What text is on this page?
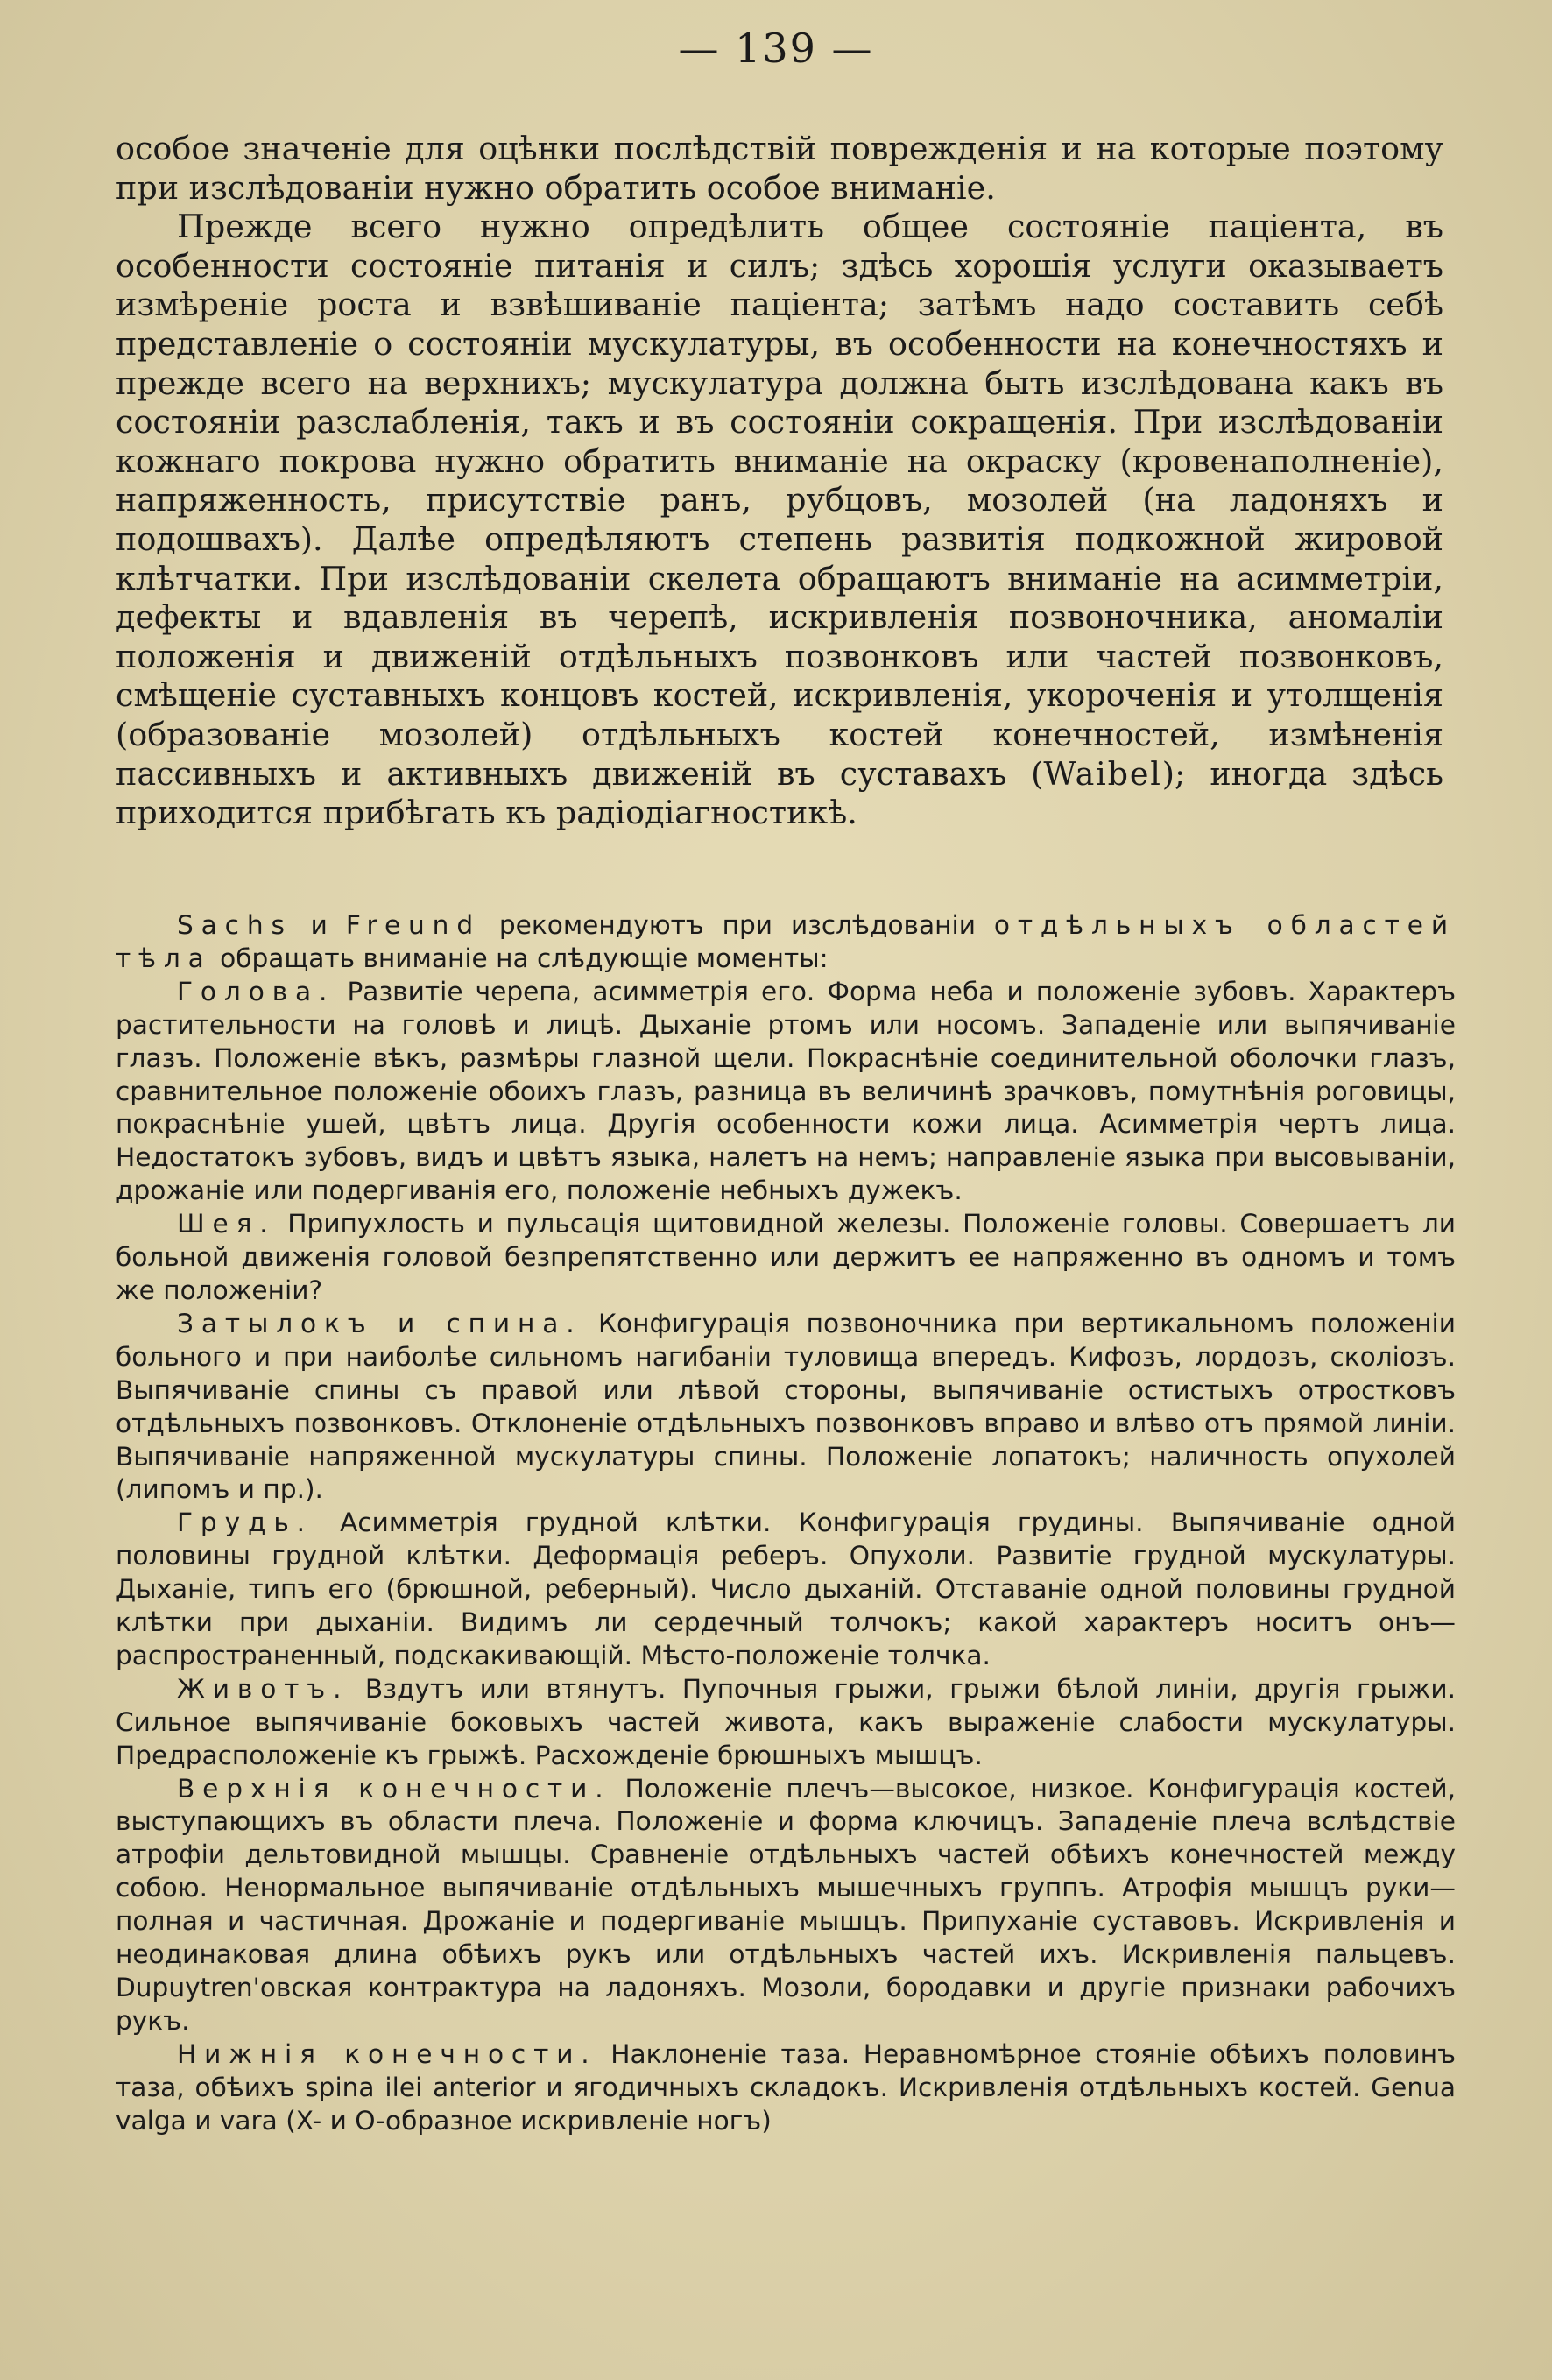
— 139 —

особое значеніе для оцѣнки послѣдствій поврежденія и на которые поэтому при изслѣдованіи нужно обратить особое вниманіе.

Прежде всего нужно опредѣлить общее состояніе паціента, въ особенности состояніе питанія и силъ; здѣсь хорошія услуги оказываетъ измѣреніе роста и взвѣшиваніе паціента; затѣмъ надо составить себѣ представленіе о состояніи мускулатуры, въ особенности на конечностяхъ и прежде всего на верхнихъ; мускулатура должна быть изслѣдована какъ въ состояніи разслабленія, такъ и въ состояніи сокращенія. При изслѣдованіи кожнаго покрова нужно обратить вниманіе на окраску (кровенаполненіе), напряженность, присутствіе ранъ, рубцовъ, мозолей (на ладоняхъ и подошвахъ). Далѣе опредѣляютъ степень развитія подкожной жировой клѣтчатки. При изслѣдованіи скелета обращаютъ вниманіе на асимметріи, дефекты и вдавленія въ черепѣ, искривленія позвоночника, аномаліи положенія и движеній отдѣльныхъ позвонковъ или частей позвонковъ, смѣщеніе суставныхъ концовъ костей, искривленія, укороченія и утолщенія (образованіе мозолей) отдѣльныхъ костей конечностей, измѣненія пассивныхъ и активныхъ движеній въ суставахъ (Waibel); иногда здѣсь приходится прибѣгать къ радіодіагностикѣ.

Sachs и Freund рекомендуютъ при изслѣдованіи отдѣльныхъ областей тѣла обращать вниманіе на слѣдующіе моменты:

Голова. Развитіе черепа, асимметрія его. Форма неба и положеніе зубовъ. Характеръ растительности на головѣ и лицѣ. Дыханіе ртомъ или носомъ. Западеніе или выпячиваніе глазъ. Положеніе вѣкъ, размѣры глазной щели. Покраснѣніе соединительной оболочки глазъ, сравнительное положеніе обоихъ глазъ, разница въ величинѣ зрачковъ, помутнѣнія роговицы, покраснѣніе ушей, цвѣтъ лица. Другія особенности кожи лица. Асимметрія чертъ лица. Недостатокъ зубовъ, видъ и цвѣтъ языка, налетъ на немъ; направленіе языка при высовываніи, дрожаніе или подергиванія его, положеніе небныхъ дужекъ.

Шея. Припухлость и пульсація щитовидной железы. Положеніе головы. Совершаетъ ли больной движенія головой безпрепятственно или держитъ ее напряженно въ одномъ и томъ же положеніи?

Затылокъ и спина. Конфигурація позвоночника при вертикальномъ положеніи больного и при наиболѣе сильномъ нагибаніи туловища впередъ. Кифозъ, лордозъ, сколіозъ. Выпячиваніе спины съ правой или лѣвой стороны, выпячиваніе остистыхъ отростковъ отдѣльныхъ позвонковъ. Отклоненіе отдѣльныхъ позвонковъ вправо и влѣво отъ прямой линіи. Выпячиваніе напряженной мускулатуры спины. Положеніе лопатокъ; наличность опухолей (липомъ и пр.).

Грудь. Асимметрія грудной клѣтки. Конфигурація грудины. Выпячиваніе одной половины грудной клѣтки. Деформація реберъ. Опухоли. Развитіе грудной мускулатуры. Дыханіе, типъ его (брюшной, реберный). Число дыханій. Отставаніе одной половины грудной клѣтки при дыханіи. Видимъ ли сердечный толчокъ; какой характеръ носитъ онъ—распространенный, подскакивающій. Мѣсто-положеніе толчка.

Животъ. Вздутъ или втянутъ. Пупочныя грыжи, грыжи бѣлой линіи, другія грыжи. Сильное выпячиваніе боковыхъ частей живота, какъ выраженіе слабости мускулатуры. Предрасположеніе къ грыжѣ. Расхожденіе брюшныхъ мышцъ.

Верхнія конечности. Положеніе плечъ—высокое, низкое. Конфигурація костей, выступающихъ въ области плеча. Положеніе и форма ключицъ. Западеніе плеча вслѣдствіе атрофіи дельтовидной мышцы. Сравненіе отдѣльныхъ частей обѣихъ конечностей между собою. Ненормальное выпячиваніе отдѣльныхъ мышечныхъ группъ. Атрофія мышцъ руки—полная и частичная. Дрожаніе и подергиваніе мышцъ. Припуханіе суставовъ. Искривленія и неодинаковая длина обѣихъ рукъ или отдѣльныхъ частей ихъ. Искривленія пальцевъ. Dupuytren'овская контрактура на ладоняхъ. Мозоли, бородавки и другіе признаки рабочихъ рукъ.

Нижнія конечности. Наклоненіе таза. Неравномѣрное стояніе обѣихъ половинъ таза, обѣихъ spina ilei anterior и ягодичныхъ складокъ. Искривленія отдѣльныхъ костей. Genua valga и vara (X- и O-образное искривленіе ногъ)
